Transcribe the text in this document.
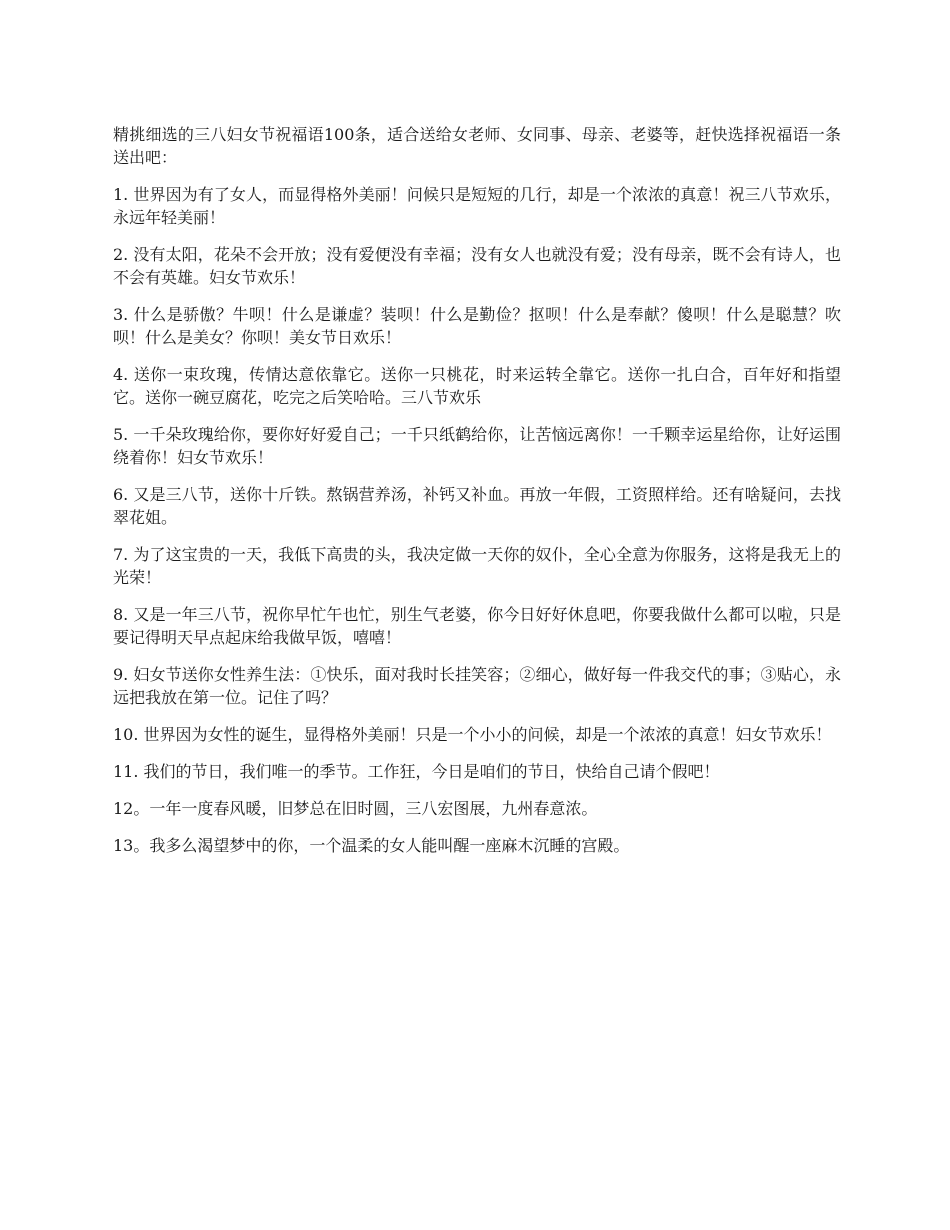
精挑细选的三八妇女节祝福语100条，适合送给女老师、女同事、母亲、老婆等，赶快选择祝福语一条送出吧：

1. 世界因为有了女人，而显得格外美丽！问候只是短短的几行，却是一个浓浓的真意！祝三八节欢乐，永远年轻美丽！

2. 没有太阳，花朵不会开放；没有爱便没有幸福；没有女人也就没有爱；没有母亲，既不会有诗人，也不会有英雄。妇女节欢乐！

3. 什么是骄傲？牛呗！什么是谦虚？装呗！什么是勤俭？抠呗！什么是奉献？傻呗！什么是聪慧？吹呗！什么是美女？你呗！美女节日欢乐！

4. 送你一束玫瑰，传情达意依靠它。送你一只桃花，时来运转全靠它。送你一扎白合，百年好和指望它。送你一碗豆腐花，吃完之后笑哈哈。三八节欢乐

5. 一千朵玫瑰给你，要你好好爱自己；一千只纸鹤给你，让苦恼远离你！一千颗幸运星给你，让好运围绕着你！妇女节欢乐！

6. 又是三八节，送你十斤铁。熬锅营养汤，补钙又补血。再放一年假，工资照样给。还有啥疑问，去找翠花姐。

7. 为了这宝贵的一天，我低下高贵的头，我决定做一天你的奴仆，全心全意为你服务，这将是我无上的光荣！

8. 又是一年三八节，祝你早忙午也忙，别生气老婆，你今日好好休息吧，你要我做什么都可以啦，只是要记得明天早点起床给我做早饭，嘻嘻！

9. 妇女节送你女性养生法：①快乐，面对我时长挂笑容；②细心，做好每一件我交代的事；③贴心，永远把我放在第一位。记住了吗？

10. 世界因为女性的诞生，显得格外美丽！只是一个小小的问候，却是一个浓浓的真意！妇女节欢乐！

11. 我们的节日，我们唯一的季节。工作狂，今日是咱们的节日，快给自己请个假吧！

12。一年一度春风暖，旧梦总在旧时圆，三八宏图展，九州春意浓。

13。我多么渴望梦中的你，一个温柔的女人能叫醒一座麻木沉睡的宫殿。
